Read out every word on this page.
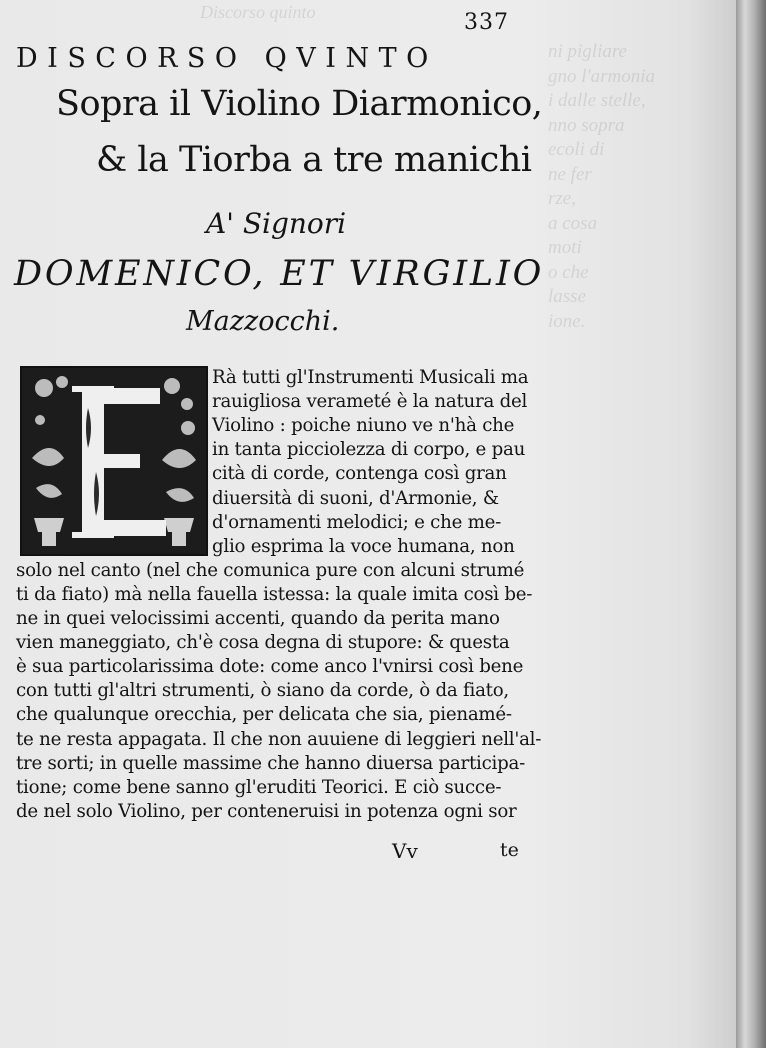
Discorso quinto
ni pigliare
gno l'armonia
i dalle stelle,
nno sopra
ecoli di
ne fer
rze,
a cosa
moti
o che
lasse
ione.
337
DISCORSO QVINTO
Sopra il Violino Diarmonico,
& la Tiorba a tre manichi
A' Signori
DOMENICO, ET VIRGILIO
Mazzocchi.
Rà tutti gl'Instrumenti Musicali ma
rauigliosa verameté è la natura del
Violino : poiche niuno ve n'hà che
in tanta picciolezza di corpo, e pau
cità di corde, contenga così gran
diuersità di suoni, d'Armonie, &
d'ornamenti melodici; e che me-
glio esprima la voce humana, non
solo nel canto (nel che comunica pure con alcuni strumé
ti da fiato) mà nella fauella istessa: la quale imita così be-
ne in quei velocissimi accenti, quando da perita mano
vien maneggiato, ch'è cosa degna di stupore: & questa
è sua particolarissima dote: come anco l'vnirsi così bene
con tutti gl'altri strumenti, ò siano da corde, ò da fiato,
che qualunque orecchia, per delicata che sia, pienamé-
te ne resta appagata. Il che non auuiene di leggieri nell'al-
tre sorti; in quelle massime che hanno diuersa participa-
tione; come bene sanno gl'eruditi Teorici. E ciò succe-
de nel solo Violino, per conteneruisi in potenza ogni sor
Vv	te
